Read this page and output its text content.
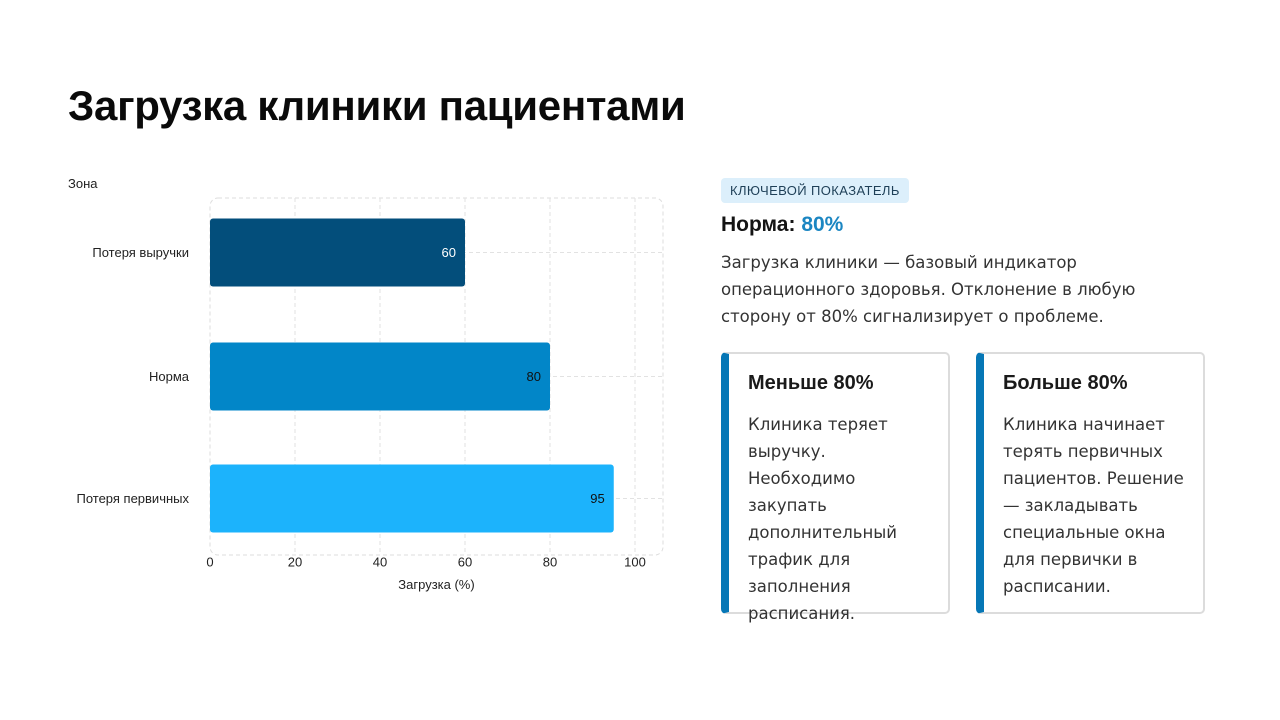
Загрузка клиники пациентами
0	20	40	60	80	100
60
Потеря выручки
80
Норма
95
Потеря первичных
Зона
Загрузка (%)
КЛЮЧЕВОЙ ПОКАЗАТЕЛЬ
Норма: 80%
Загрузка клиники — базовый индикатор операционного здоровья. Отклонение в любую сторону от 80% сигнализирует о проблеме.
Меньше 80%

Клиника теряет выручку. Необходимо закупать дополнительный трафик для заполнения расписания.

Больше 80%

Клиника начинает терять первичных пациентов. Решение — закладывать специальные окна для первички в расписании.
